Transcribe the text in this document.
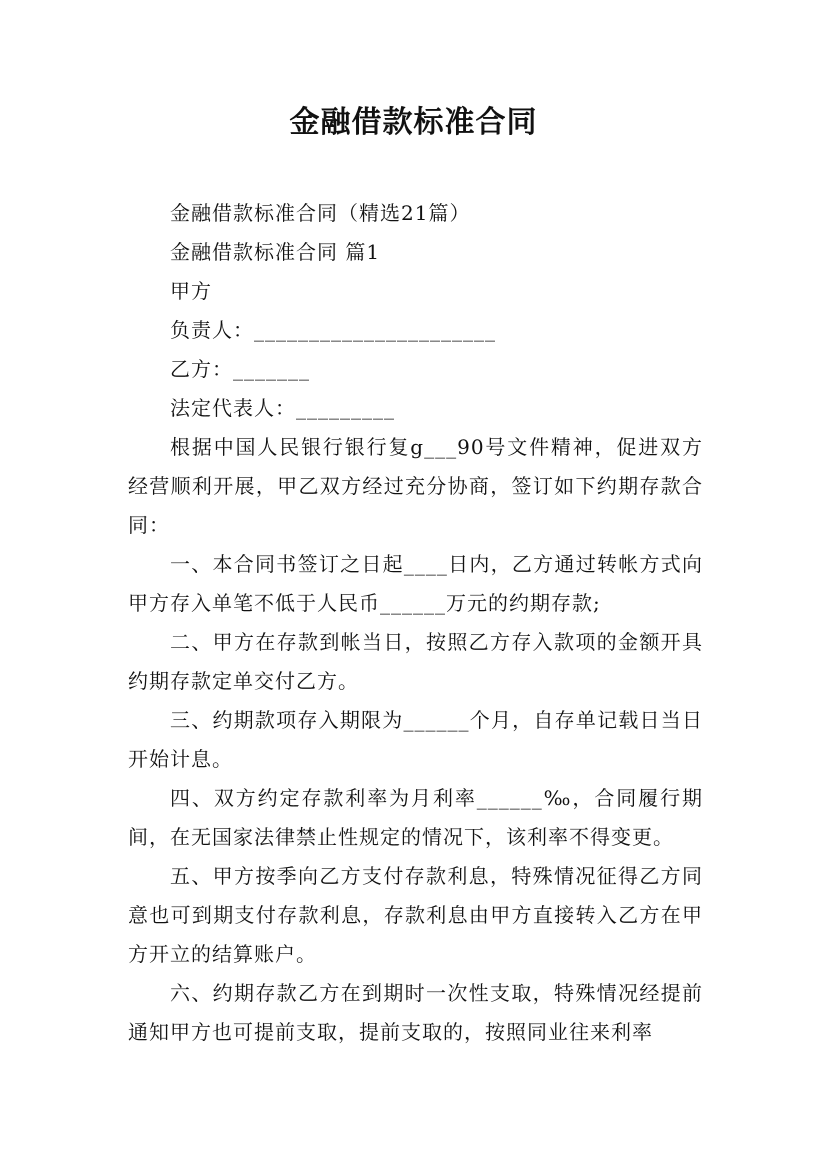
金融借款标准合同

金融借款标准合同（精选21篇）

金融借款标准合同 篇1

甲方

负责人：______________________

乙方：_______

法定代表人：_________

根据中国人民银行银行复g___90号文件精神，促进双方经营顺利开展，甲乙双方经过充分协商，签订如下约期存款合同：

一、本合同书签订之日起____日内，乙方通过转帐方式向甲方存入单笔不低于人民币______万元的约期存款;

二、甲方在存款到帐当日，按照乙方存入款项的金额开具约期存款定单交付乙方。

三、约期款项存入期限为______个月，自存单记载日当日开始计息。

四、双方约定存款利率为月利率______‰，合同履行期间，在无国家法律禁止性规定的情况下，该利率不得变更。

五、甲方按季向乙方支付存款利息，特殊情况征得乙方同意也可到期支付存款利息，存款利息由甲方直接转入乙方在甲方开立的结算账户。

六、约期存款乙方在到期时一次性支取，特殊情况经提前通知甲方也可提前支取，提前支取的，按照同业往来利率
